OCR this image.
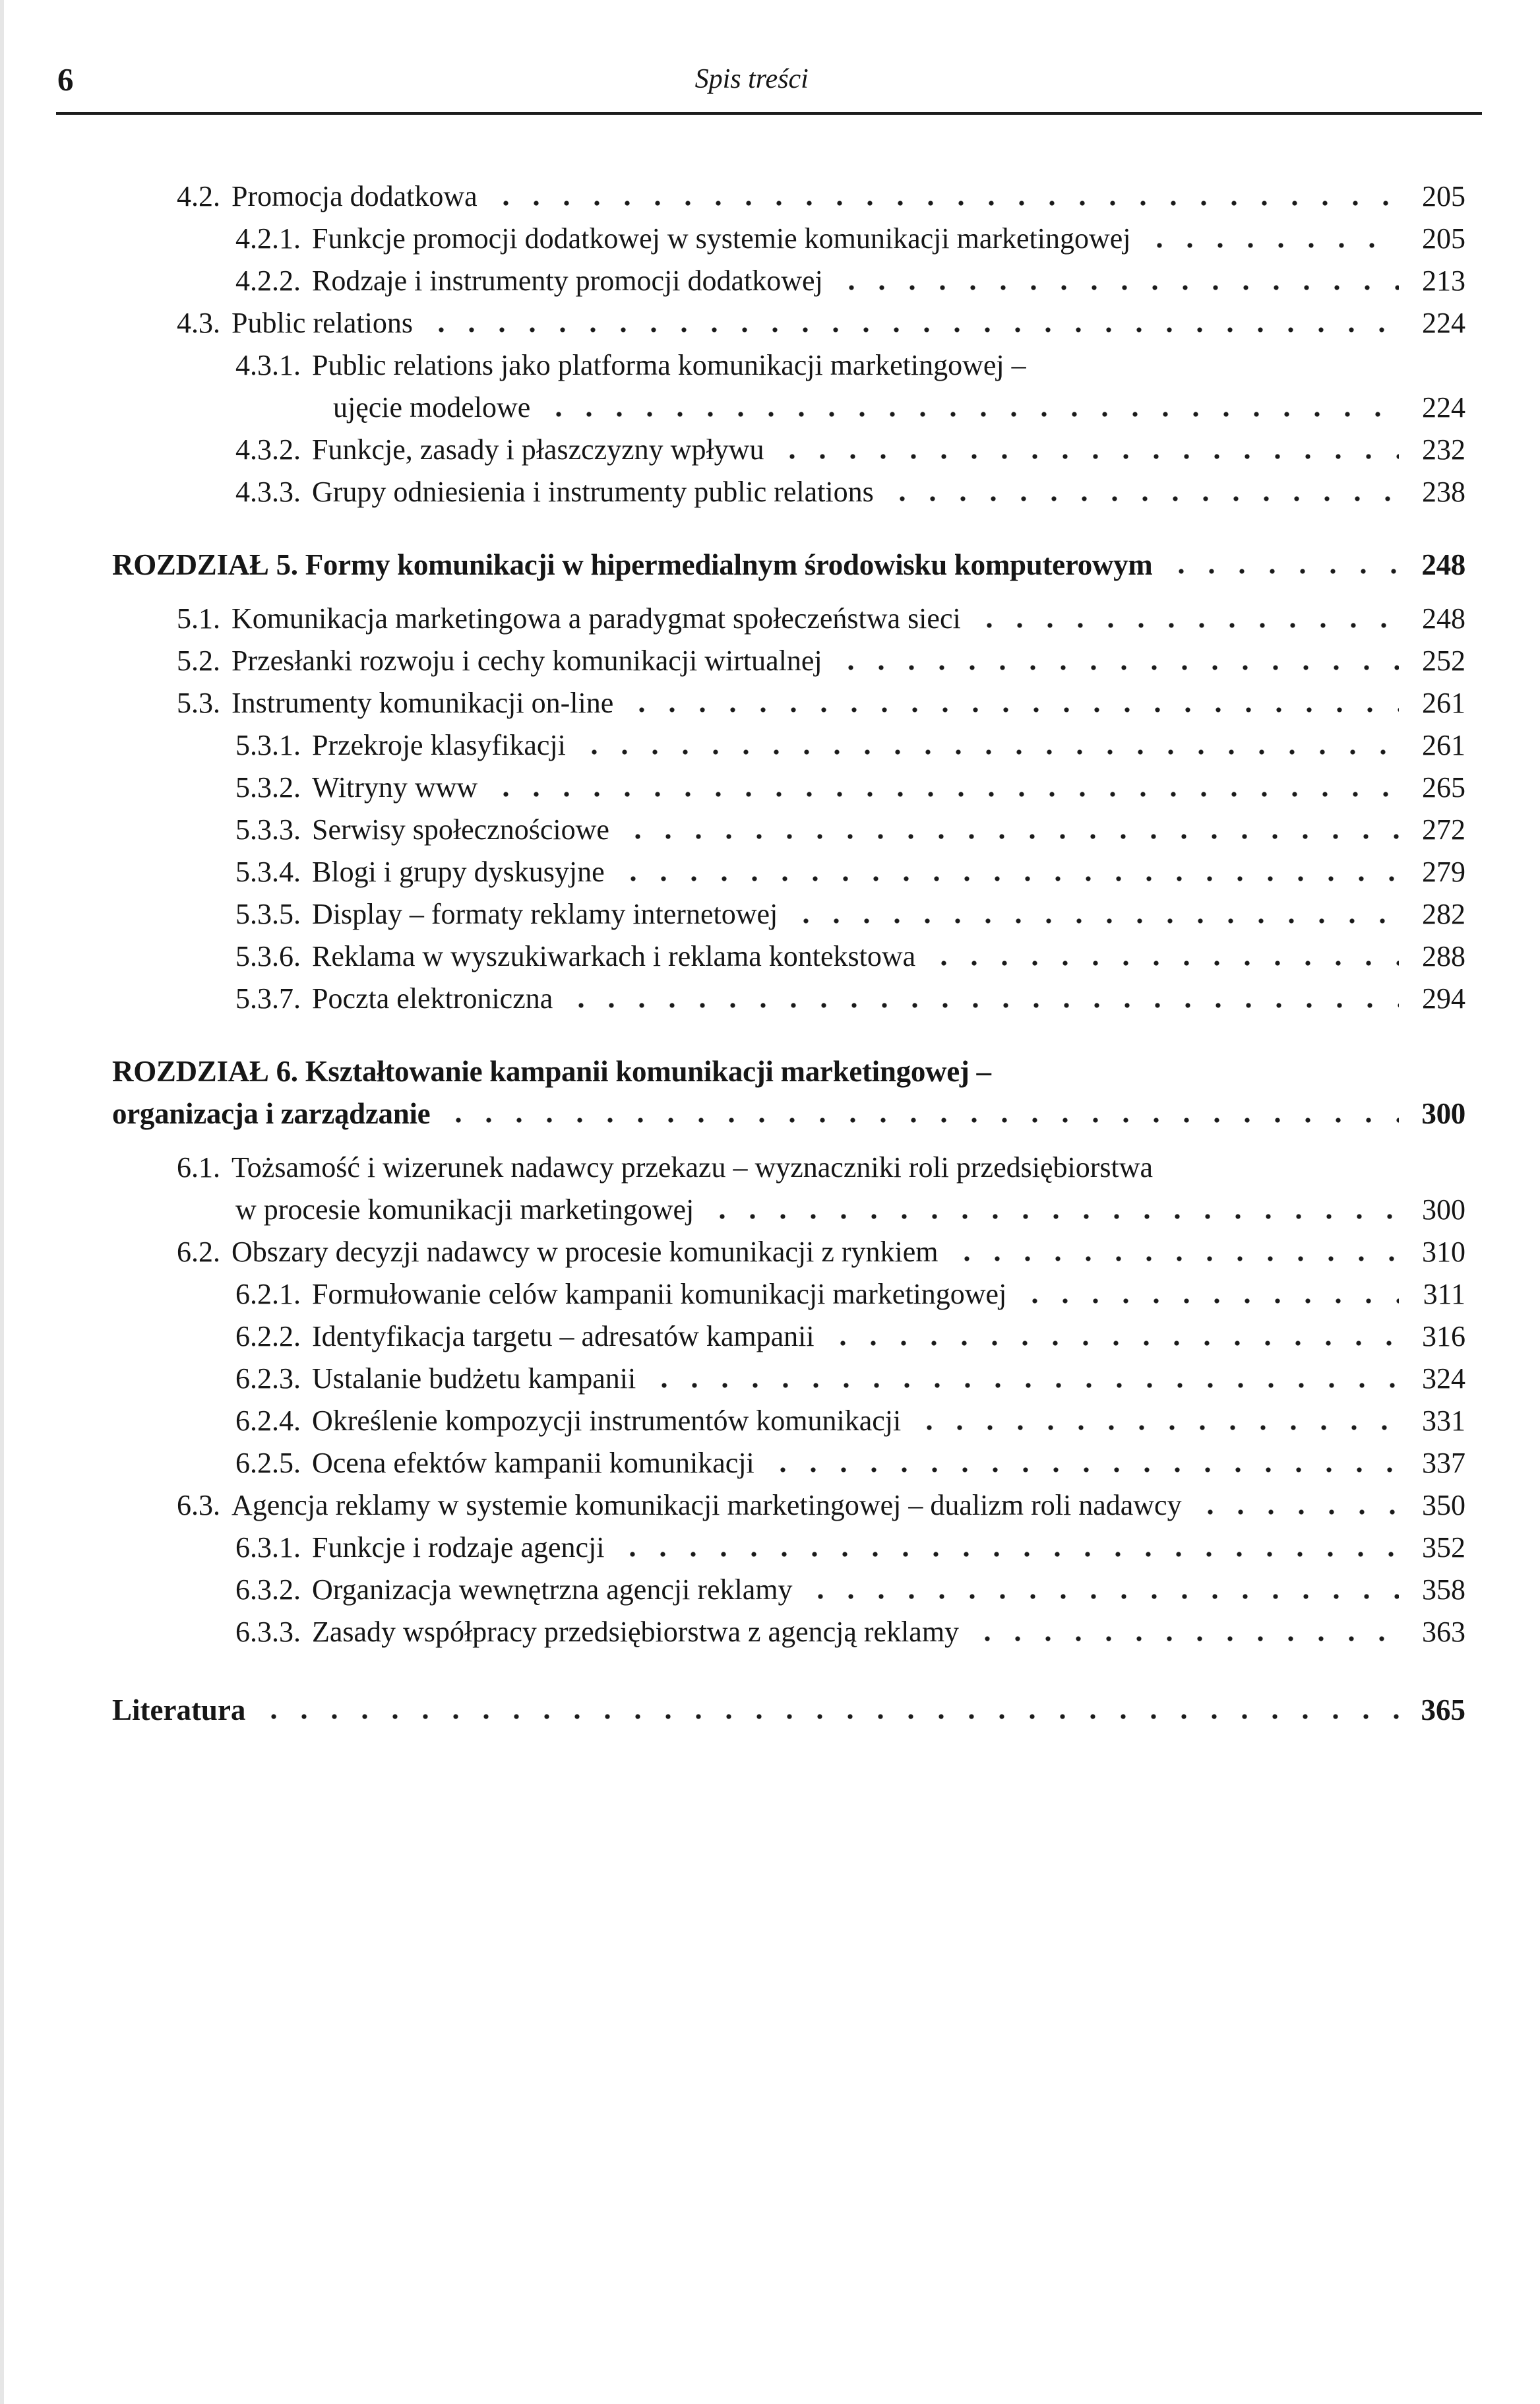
6	Spis treści
4.2. Promocja dodatkowa	205
4.2.1. Funkcje promocji dodatkowej w systemie komunikacji marketingowej	205
4.2.2. Rodzaje i instrumenty promocji dodatkowej	213
4.3. Public relations	224
4.3.1. Public relations jako platforma komunikacji marketingowej –
ujęcie modelowe	224
4.3.2. Funkcje, zasady i płaszczyzny wpływu	232
4.3.3. Grupy odniesienia i instrumenty public relations	238
ROZDZIAŁ 5. Formy komunikacji w hipermedialnym środowisku komputerowym	248
5.1. Komunikacja marketingowa a paradygmat społeczeństwa sieci	248
5.2. Przesłanki rozwoju i cechy komunikacji wirtualnej	252
5.3. Instrumenty komunikacji on-line	261
5.3.1. Przekroje klasyfikacji	261
5.3.2. Witryny www	265
5.3.3. Serwisy społecznościowe	272
5.3.4. Blogi i grupy dyskusyjne	279
5.3.5. Display – formaty reklamy internetowej	282
5.3.6. Reklama w wyszukiwarkach i reklama kontekstowa	288
5.3.7. Poczta elektroniczna	294
ROZDZIAŁ 6. Kształtowanie kampanii komunikacji marketingowej –
organizacja i zarządzanie	300
6.1. Tożsamość i wizerunek nadawcy przekazu – wyznaczniki roli przedsiębiorstwa
w procesie komunikacji marketingowej	300
6.2. Obszary decyzji nadawcy w procesie komunikacji z rynkiem	310
6.2.1. Formułowanie celów kampanii komunikacji marketingowej	311
6.2.2. Identyfikacja targetu – adresatów kampanii	316
6.2.3. Ustalanie budżetu kampanii	324
6.2.4. Określenie kompozycji instrumentów komunikacji	331
6.2.5. Ocena efektów kampanii komunikacji	337
6.3. Agencja reklamy w systemie komunikacji marketingowej – dualizm roli nadawcy	350
6.3.1. Funkcje i rodzaje agencji	352
6.3.2. Organizacja wewnętrzna agencji reklamy	358
6.3.3. Zasady współpracy przedsiębiorstwa z agencją reklamy	363
Literatura	365
